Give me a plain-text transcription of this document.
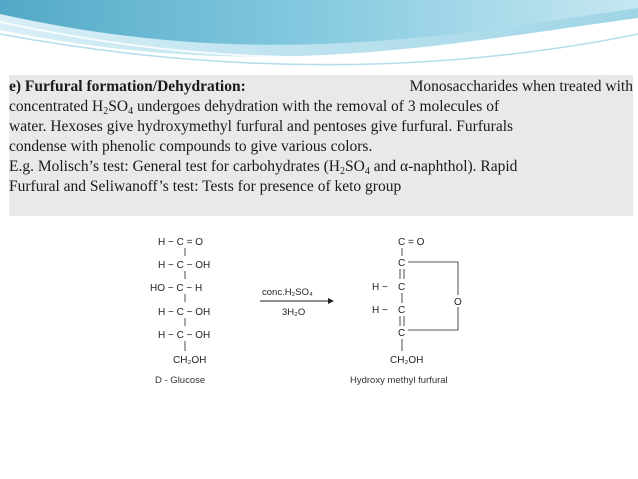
e) Furfural formation/Dehydration:	Monosaccharides when treated with
concentrated $H_2SO_4$ undergoes dehydration with the removal of 3 molecules of
water. Hexoses give hydroxymethyl furfural and pentoses give furfural. Furfurals
condense with phenolic compounds to give various colors.
E.g. Molisch’s test: General test for carbohydrates ($H_2SO_4$ and α-naphthol). Rapid
Furfural and Seliwanoff’s test: Tests for presence of keto group
H − C = O
H − C − OH
HO − C − H
H − C − OH
H − C − OH
CH₂OH
D - Glucose
conc.H₂SO₄
3H₂O
C = O
C
H − C
C
H −
C
O
CH₂OH
Hydroxy methyl furfural
